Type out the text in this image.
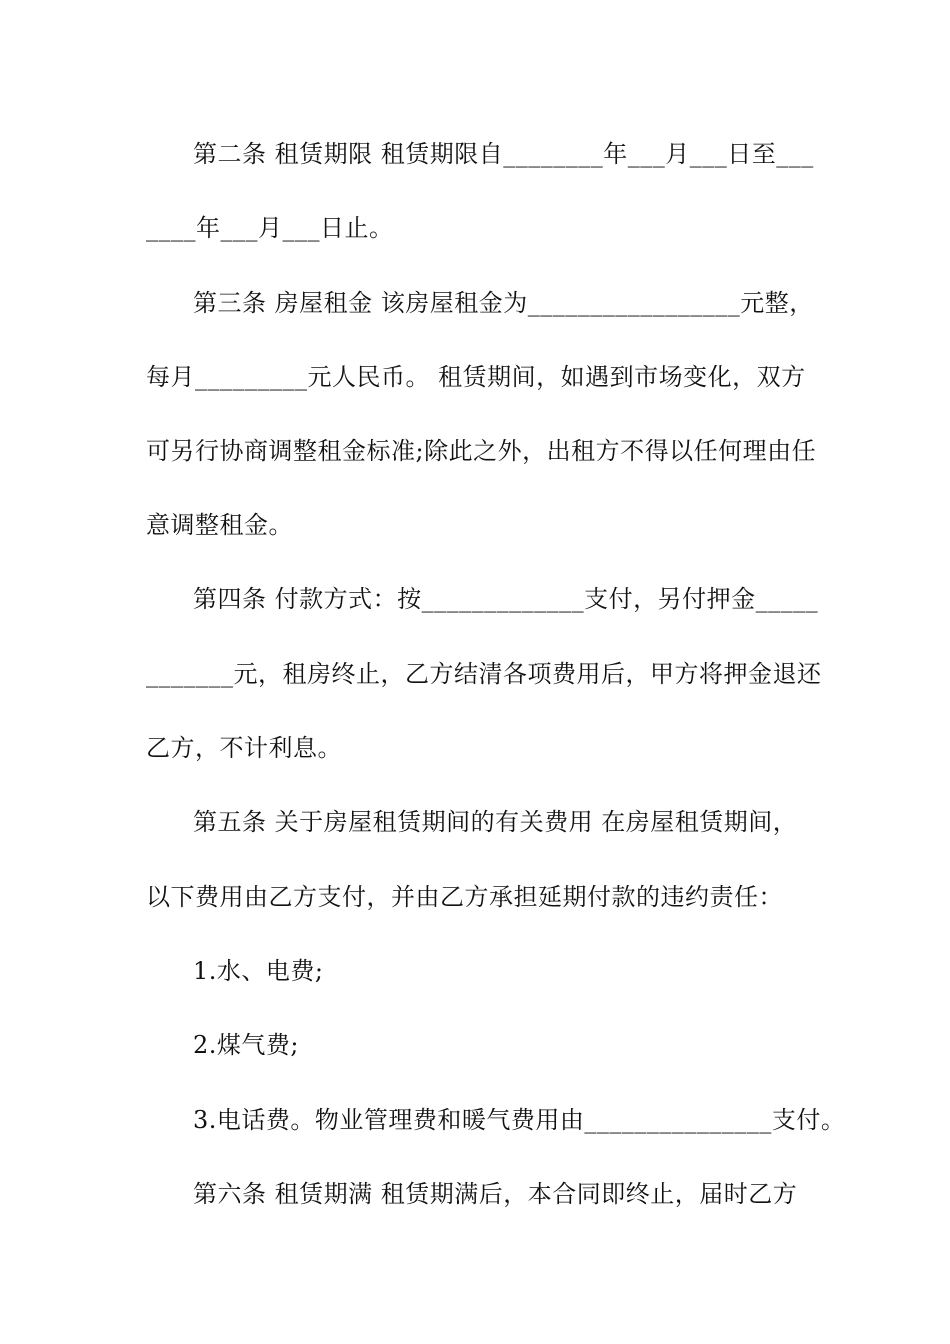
第二条 租赁期限 租赁期限自________年___月___日至___
____年___月___日止。
第三条 房屋租金 该房屋租金为_________________元整，
每月_________元人民币。 租赁期间，如遇到市场变化，双方
可另行协商调整租金标准;除此之外，出租方不得以任何理由任
意调整租金。
第四条 付款方式：按_____________支付，另付押金_____
_______元，租房终止，乙方结清各项费用后，甲方将押金退还
乙方，不计利息。
第五条 关于房屋租赁期间的有关费用 在房屋租赁期间，
以下费用由乙方支付，并由乙方承担延期付款的违约责任：
1.水、电费;
2.煤气费;
3.电话费。物业管理费和暖气费用由_______________支付。
第六条 租赁期满 租赁期满后，本合同即终止，届时乙方
